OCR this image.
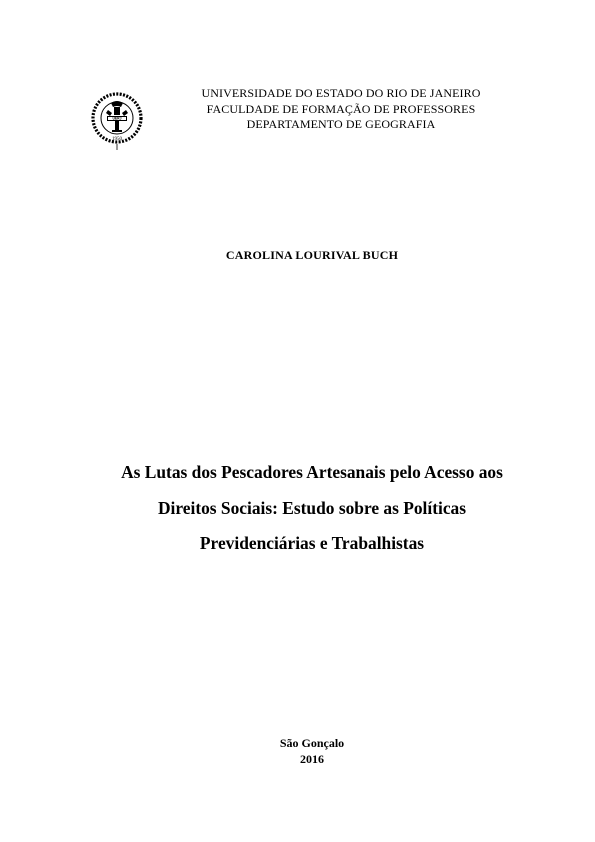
UERJ
1950
UNIVERSIDADE DO ESTADO DO RIO DE JANEIRO
FACULDADE DE FORMAÇÃO DE PROFESSORES
DEPARTAMENTO DE GEOGRAFIA
CAROLINA LOURIVAL BUCH
As Lutas dos Pescadores Artesanais pelo Acesso aos
Direitos Sociais: Estudo sobre as Políticas
Previdenciárias e Trabalhistas
São Gonçalo
2016
